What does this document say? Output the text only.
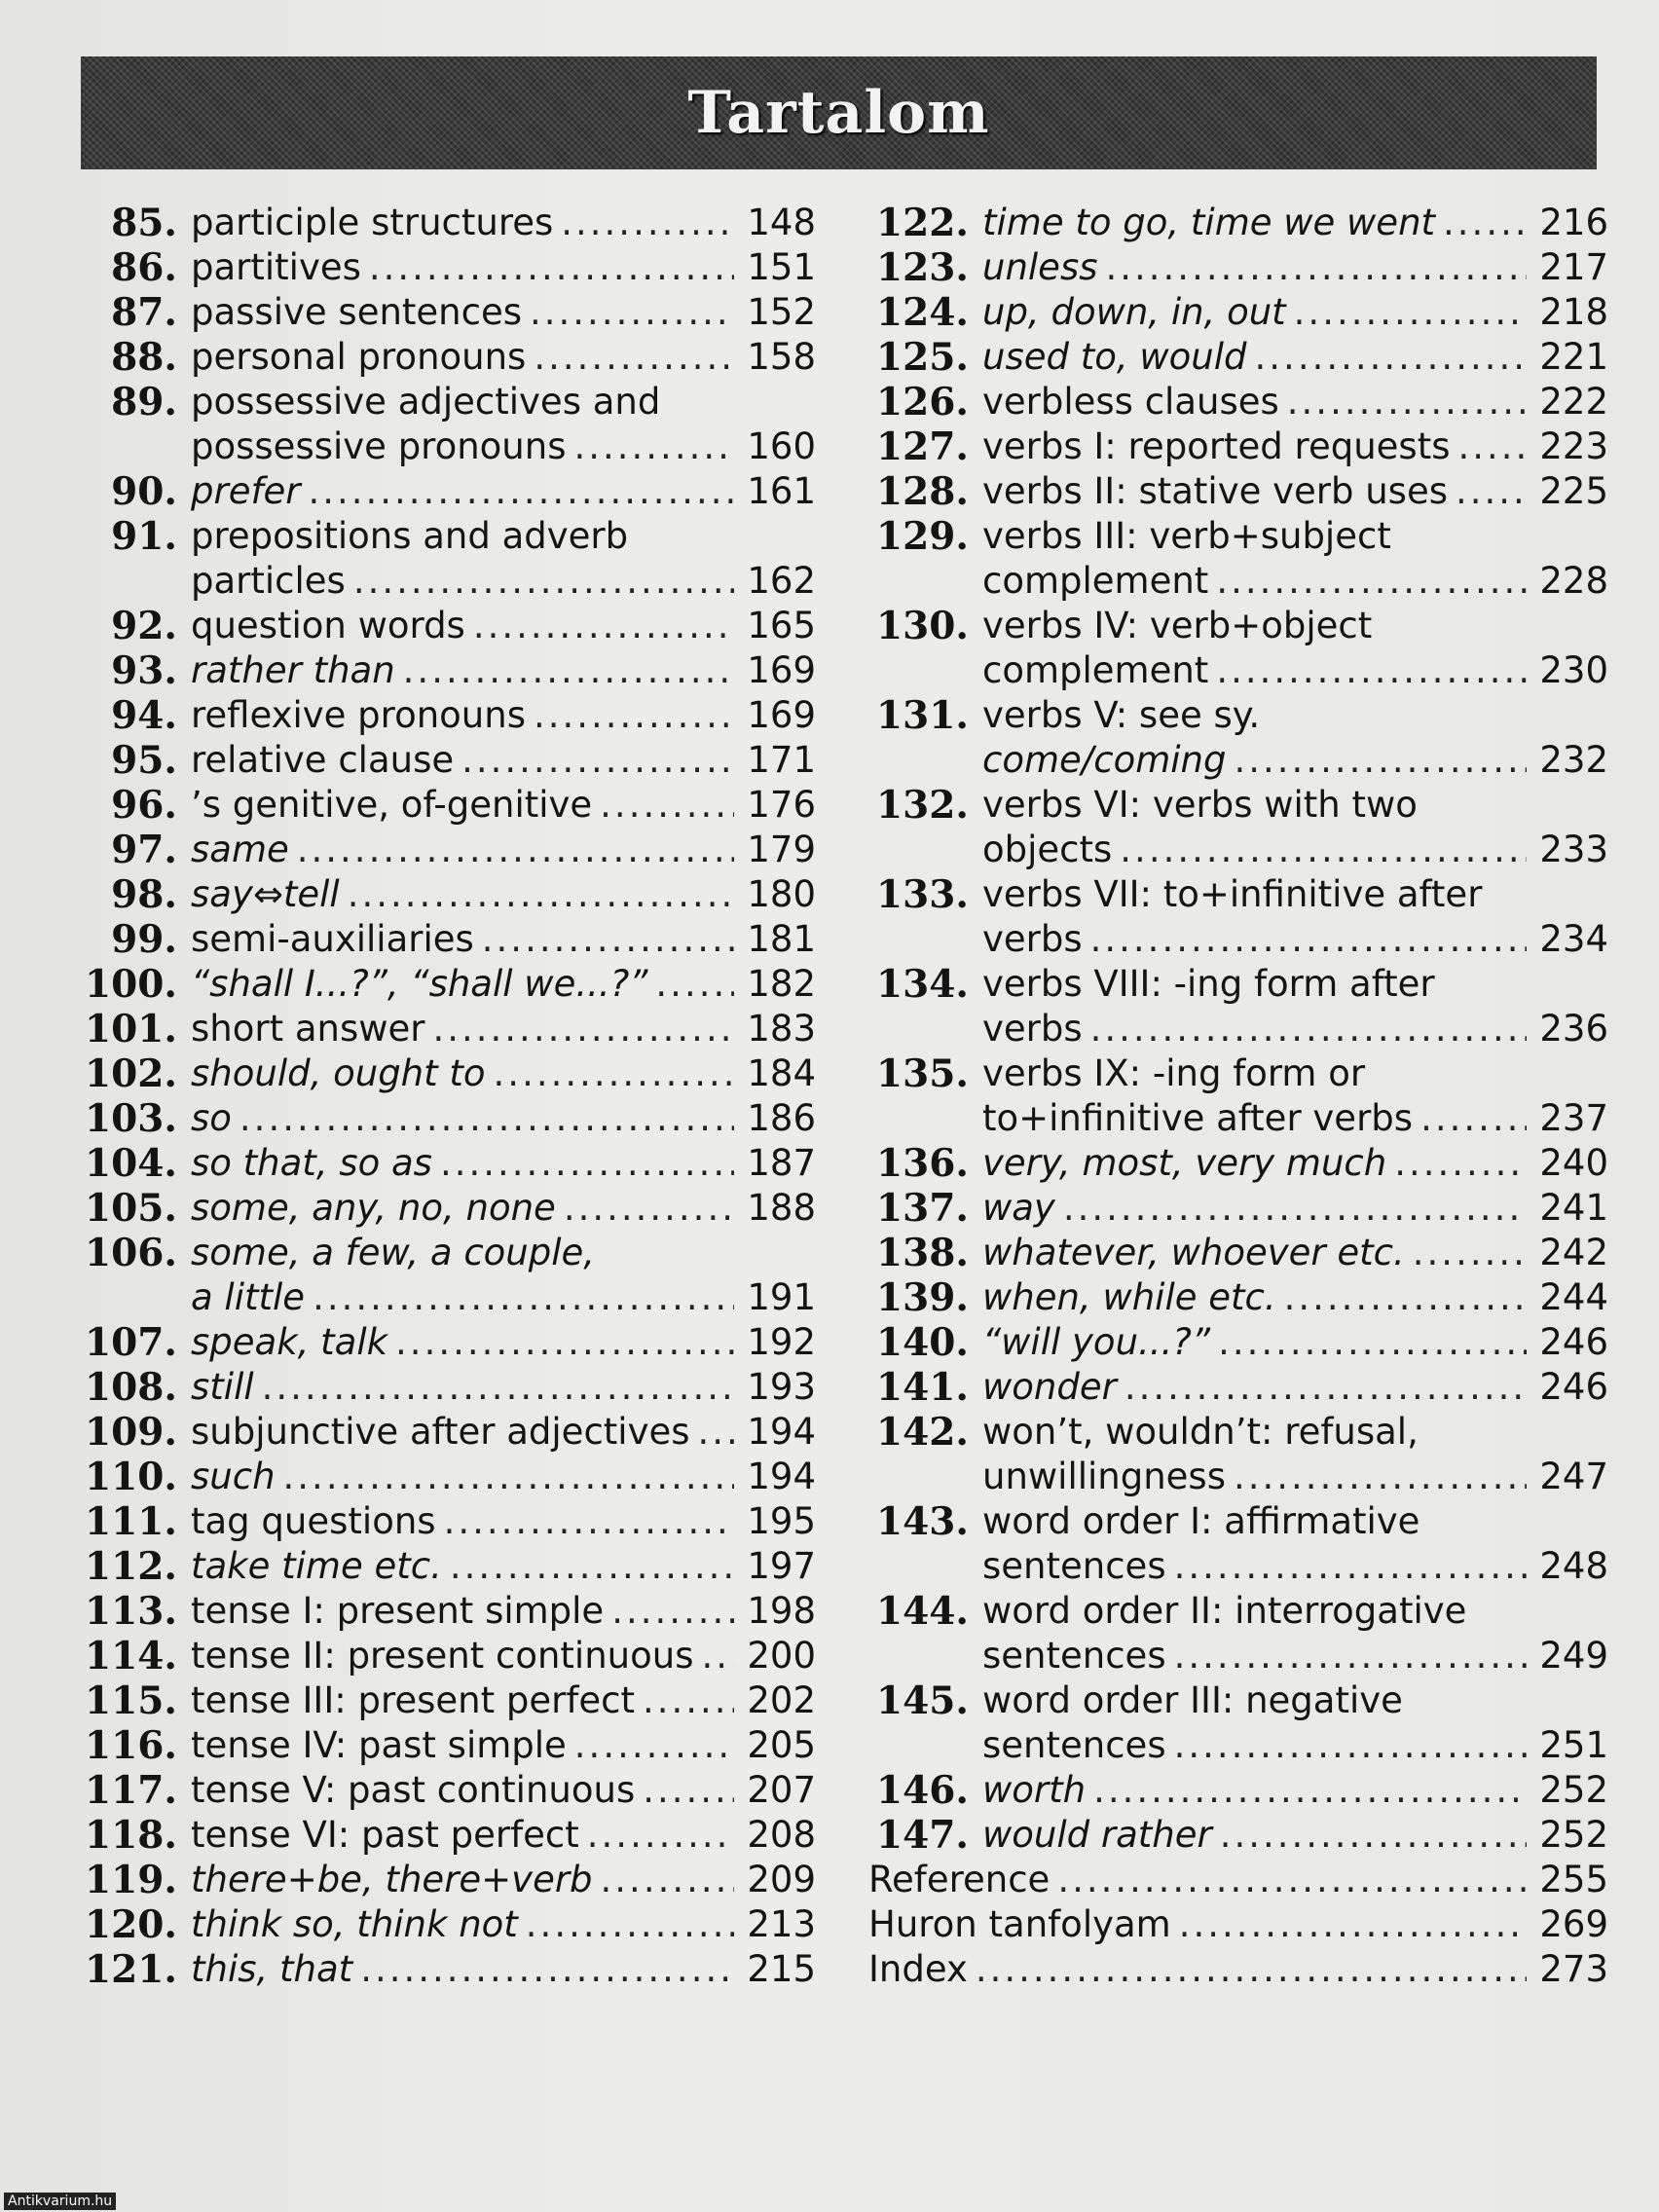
Tartalom
85. participle structures .....	148
86. partitives .....	151
87. passive sentences .....	152
88. personal pronouns .....	158
89. possessive adjectives and
possessive pronouns .....	160
90. prefer .....	161
91. prepositions and adverb
particles .....	162
92. question words .....	165
93. rather than .....	169
94. reflexive pronouns .....	169
95. relative clause .....	171
96. ’s genitive, of-genitive .....	176
97. same .....	179
98. say⇔tell .....	180
99. semi-auxiliaries .....	181
100. “shall I...?”, “shall we...?” .....	182
101. short answer .....	183
102. should, ought to .....	184
103. so .....	186
104. so that, so as .....	187
105. some, any, no, none .....	188
106. some, a few, a couple,
a little .....	191
107. speak, talk .....	192
108. still .....	193
109. subjunctive after adjectives ..... 194
110. such .....	194
111. tag questions .....	195
112. take time etc. .....	197
113. tense I: present simple .....	198
114. tense II: present continuous ..... 200
115. tense III: present perfect .....	202
116. tense IV: past simple .....	205
117. tense V: past continuous .....	207
118. tense VI: past perfect .....	208
119. there+be, there+verb .....	209
120. think so, think not .....	213
121. this, that .....	215
122. time to go, time we went .....	216
123. unless .....	217
124. up, down, in, out .....	218
125. used to, would .....	221
126. verbless clauses .....	222
127. verbs I: reported requests ..... 223
128. verbs II: stative verb uses .....	225
129. verbs III: verb+subject
complement .....	228
130. verbs IV: verb+object
complement .....	230
131. verbs V: see sy.
come/coming .....	232
132. verbs VI: verbs with two
objects .....	233
133. verbs VII: to+infinitive after
verbs .....	234
134. verbs VIII: -ing form after
verbs .....	236
135. verbs IX: -ing form or
to+infinitive after verbs .....	237
136. very, most, very much .....	240
137. way .....	241
138. whatever, whoever etc. .....	242
139. when, while etc. .....	244
140. “will you...?” .....	246
141. wonder .....	246
142. won’t, wouldn’t: refusal,
unwillingness .....	247
143. word order I: affirmative
sentences .....	248
144. word order II: interrogative
sentences .....	249
145. word order III: negative
sentences .....	251
146. worth .....	252
147. would rather .....	252
Reference .....	255
Huron tanfolyam .....	269
Index .....	273
Antikvarium.hu
